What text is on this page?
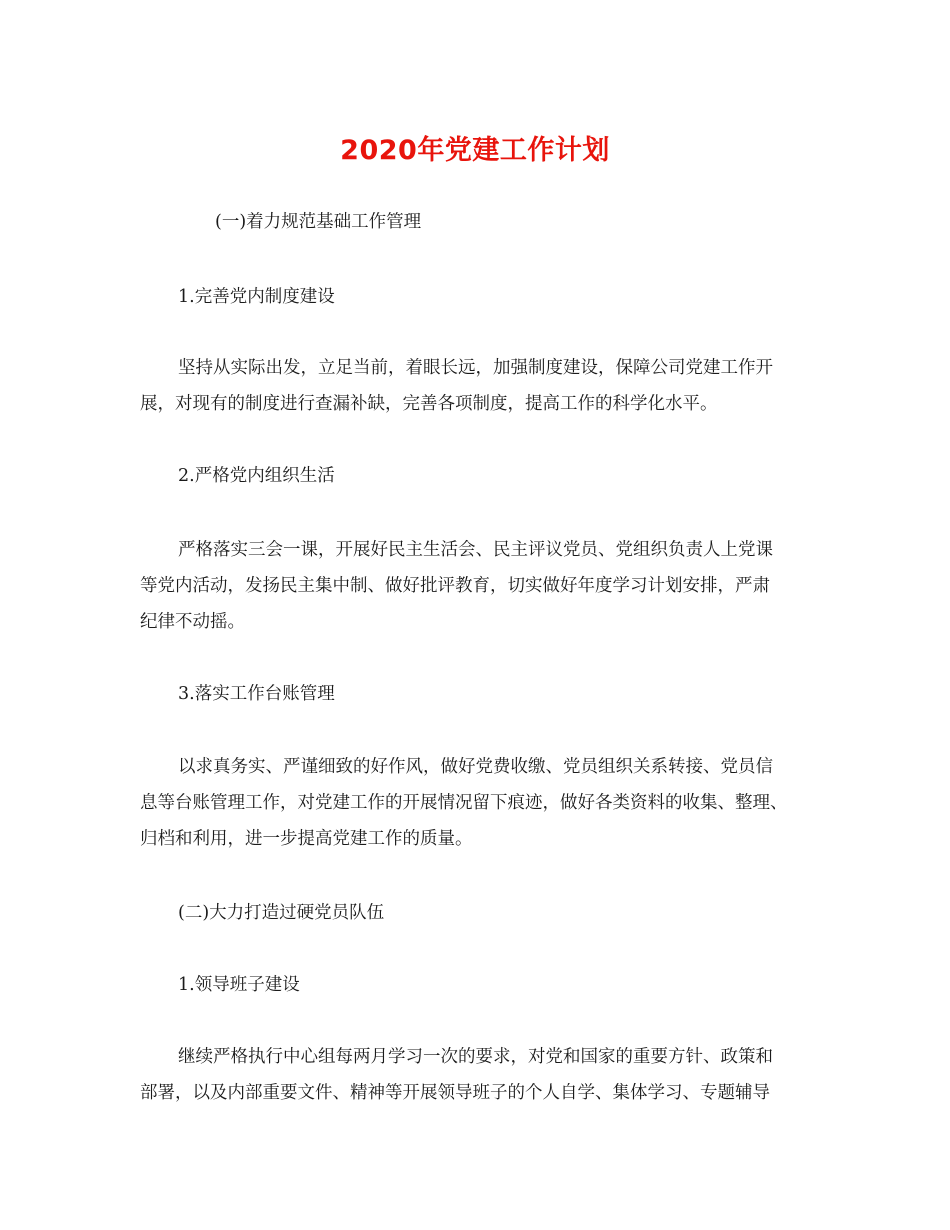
2020年党建工作计划

(一)着力规范基础工作管理

1.完善党内制度建设

坚持从实际出发，立足当前，着眼长远，加强制度建设，保障公司党建工作开

展，对现有的制度进行查漏补缺，完善各项制度，提高工作的科学化水平。

2.严格党内组织生活

严格落实三会一课，开展好民主生活会、民主评议党员、党组织负责人上党课

等党内活动，发扬民主集中制、做好批评教育，切实做好年度学习计划安排，严肃

纪律不动摇。

3.落实工作台账管理

以求真务实、严谨细致的好作风，做好党费收缴、党员组织关系转接、党员信

息等台账管理工作，对党建工作的开展情况留下痕迹，做好各类资料的收集、整理、

归档和利用，进一步提高党建工作的质量。

(二)大力打造过硬党员队伍

1.领导班子建设

继续严格执行中心组每两月学习一次的要求，对党和国家的重要方针、政策和

部署，以及内部重要文件、精神等开展领导班子的个人自学、集体学习、专题辅导
